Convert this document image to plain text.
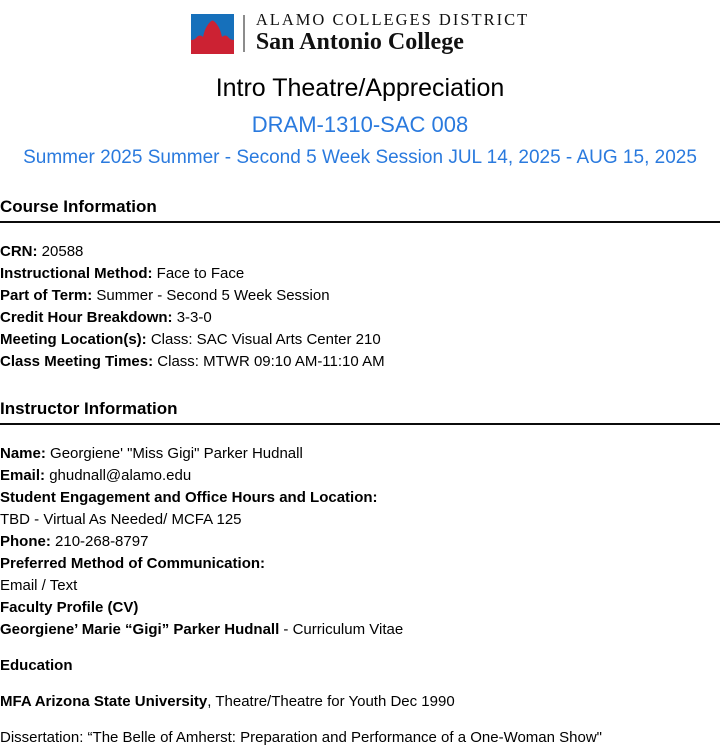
ALAMO COLLEGES DISTRICT
San Antonio College
Intro Theatre/Appreciation
DRAM-1310-SAC 008
Summer 2025 Summer - Second 5 Week Session JUL 14, 2025 - AUG 15, 2025
Course Information
CRN: 20588
Instructional Method: Face to Face
Part of Term: Summer - Second 5 Week Session
Credit Hour Breakdown: 3-3-0
Meeting Location(s): Class: SAC Visual Arts Center 210
Class Meeting Times: Class: MTWR 09:10 AM-11:10 AM
Instructor Information
Name: Georgiene' "Miss Gigi" Parker Hudnall
Email: ghudnall@alamo.edu
Student Engagement and Office Hours and Location:
TBD - Virtual As Needed/ MCFA 125
Phone: 210-268-8797
Preferred Method of Communication:
Email / Text
Faculty Profile (CV)
Georgiene’ Marie “Gigi” Parker Hudnall - Curriculum Vitae
Education
MFA Arizona State University, Theatre/Theatre for Youth Dec 1990
Dissertation: “The Belle of Amherst: Preparation and Performance of a One-Woman Show"
